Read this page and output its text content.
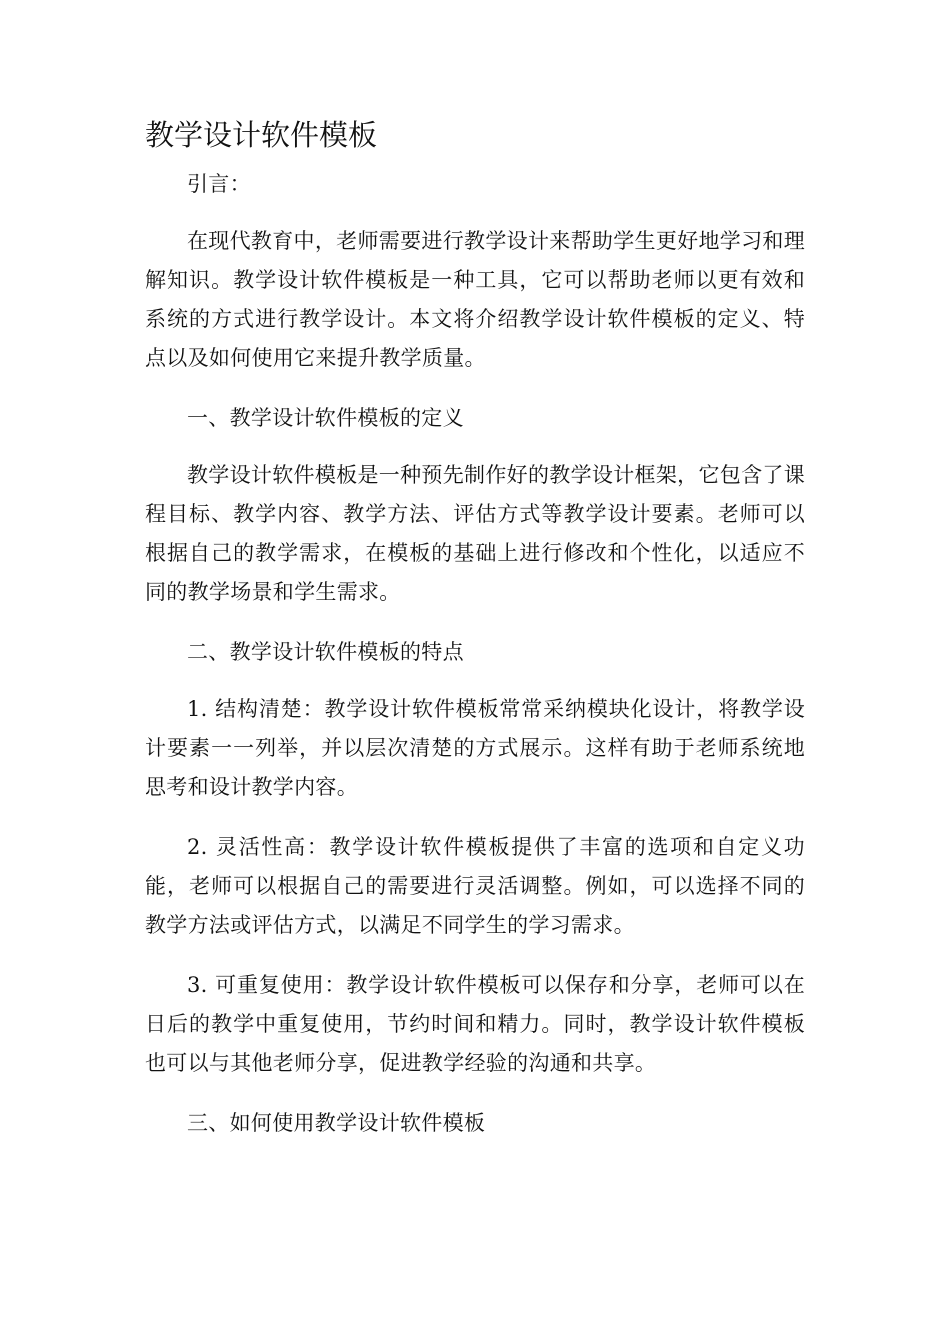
教学设计软件模板

引言：

在现代教育中，老师需要进行教学设计来帮助学生更好地学习和理解知识。教学设计软件模板是一种工具，它可以帮助老师以更有效和系统的方式进行教学设计。本文将介绍教学设计软件模板的定义、特点以及如何使用它来提升教学质量。

一、教学设计软件模板的定义

教学设计软件模板是一种预先制作好的教学设计框架，它包含了课程目标、教学内容、教学方法、评估方式等教学设计要素。老师可以根据自己的教学需求，在模板的基础上进行修改和个性化，以适应不同的教学场景和学生需求。

二、教学设计软件模板的特点

1. 结构清楚：教学设计软件模板常常采纳模块化设计，将教学设计要素一一列举，并以层次清楚的方式展示。这样有助于老师系统地思考和设计教学内容。

2. 灵活性高：教学设计软件模板提供了丰富的选项和自定义功能，老师可以根据自己的需要进行灵活调整。例如，可以选择不同的教学方法或评估方式，以满足不同学生的学习需求。

3. 可重复使用：教学设计软件模板可以保存和分享，老师可以在日后的教学中重复使用，节约时间和精力。同时，教学设计软件模板也可以与其他老师分享，促进教学经验的沟通和共享。

三、如何使用教学设计软件模板
